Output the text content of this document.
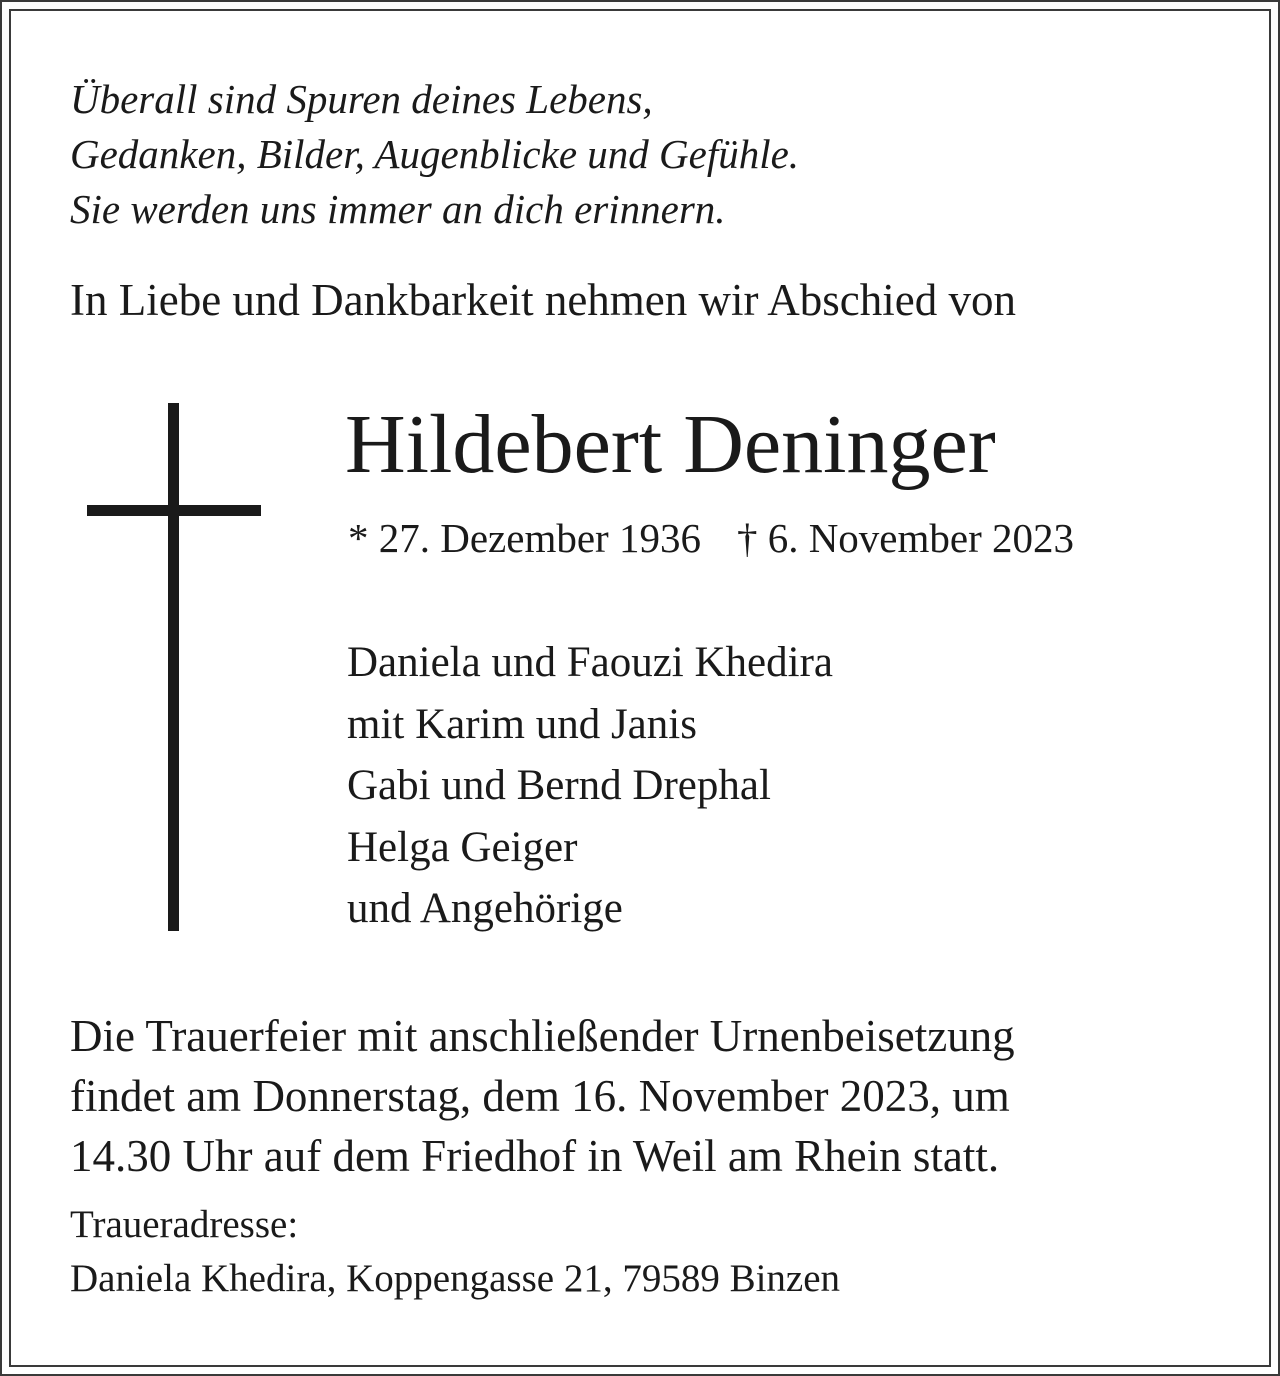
Überall sind Spuren deines Lebens,
Gedanken, Bilder, Augenblicke und Gefühle.
Sie werden uns immer an dich erinnern.
In Liebe und Dankbarkeit nehmen wir Abschied von
Hildebert Deninger
* 27. Dezember 1936 † 6. November 2023
Daniela und Faouzi Khedira
mit Karim und Janis
Gabi und Bernd Drephal
Helga Geiger
und Angehörige
Die Trauerfeier mit anschließender Urnenbeisetzung
findet am Donnerstag, dem 16. November 2023, um
14.30 Uhr auf dem Friedhof in Weil am Rhein statt.
Traueradresse:
Daniela Khedira, Koppengasse 21, 79589 Binzen
